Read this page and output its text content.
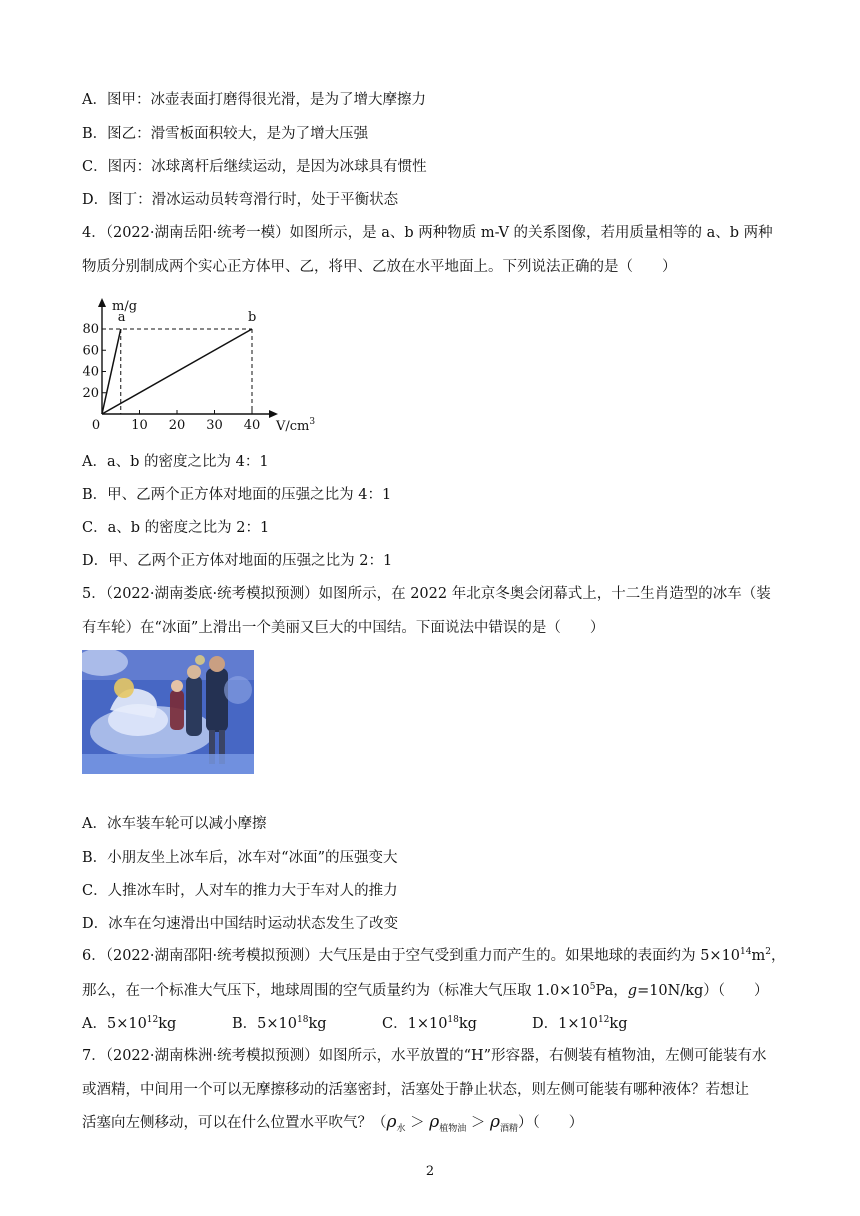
A．图甲：冰壶表面打磨得很光滑，是为了增大摩擦力
B．图乙：滑雪板面积较大，是为了增大压强
C．图丙：冰球离杆后继续运动，是因为冰球具有惯性
D．图丁：滑冰运动员转弯滑行时，处于平衡状态
4．（2022·湖南岳阳·统考一模）如图所示，是 a、b 两种物质 m-V 的关系图像，若用质量相等的 a、b 两种
物质分别制成两个实心正方体甲、乙，将甲、乙放在水平地面上。下列说法正确的是（　　）
m/g
$V/cm^3$
0
20
40
60
80
10 20 30 40
a	b
A．a、b 的密度之比为 4：1
B．甲、乙两个正方体对地面的压强之比为 4：1
C．a、b 的密度之比为 2：1
D．甲、乙两个正方体对地面的压强之比为 2：1
5．（2022·湖南娄底·统考模拟预测）如图所示，在 2022 年北京冬奥会闭幕式上，十二生肖造型的冰车（装
有车轮）在“冰面”上滑出一个美丽又巨大的中国结。下面说法中错误的是（　　）
A．冰车装车轮可以减小摩擦
B．小朋友坐上冰车后，冰车对“冰面”的压强变大
C．人推冰车时，人对车的推力大于车对人的推力
D．冰车在匀速滑出中国结时运动状态发生了改变
6．（2022·湖南邵阳·统考模拟预测）大气压是由于空气受到重力而产生的。如果地球的表面约为 $5\times 10^{14}m^2$，
那么，在一个标准大气压下，地球周围的空气质量约为（标准大气压取 $1.0\times 10^5Pa$，g=10N/kg）（　　）
A．$5\times 10^{12}kg$	B．$5\times 10^{18}kg$	C．$1\times 10^{18}kg$	D．$1\times 10^{12}kg$
7．（2022·湖南株洲·统考模拟预测）如图所示，水平放置的“H”形容器，右侧装有植物油，左侧可能装有水
或酒精，中间用一个可以无摩擦移动的活塞密封，活塞处于静止状态，则左侧可能装有哪种液体？若想让
活塞向左侧移动，可以在什么位置水平吹气？$(\rho_水 > \rho_{植物油} > \rho_{酒精})$（　　）
2
